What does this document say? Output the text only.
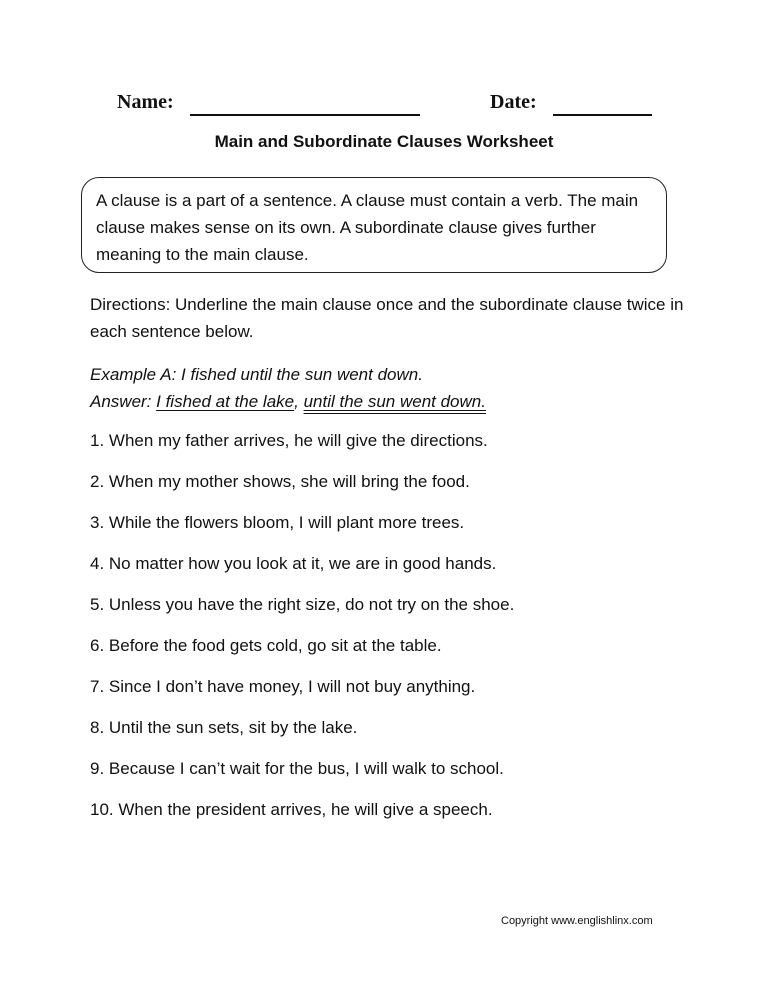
Name:	Date:
Main and Subordinate Clauses Worksheet
A clause is a part of a sentence. A clause must contain a verb. The main clause makes sense on its own. A subordinate clause gives further meaning to the main clause.
Directions: Underline the main clause once and the subordinate clause twice in each sentence below.
Example A: I fished until the sun went down.
Answer: I fished at the lake, until the sun went down.
1. When my father arrives, he will give the directions.
2. When my mother shows, she will bring the food.
3. While the flowers bloom, I will plant more trees.
4. No matter how you look at it, we are in good hands.
5. Unless you have the right size, do not try on the shoe.
6. Before the food gets cold, go sit at the table.
7. Since I don’t have money, I will not buy anything.
8. Until the sun sets, sit by the lake.
9. Because I can’t wait for the bus, I will walk to school.
10. When the president arrives, he will give a speech.
Copyright www.englishlinx.com
